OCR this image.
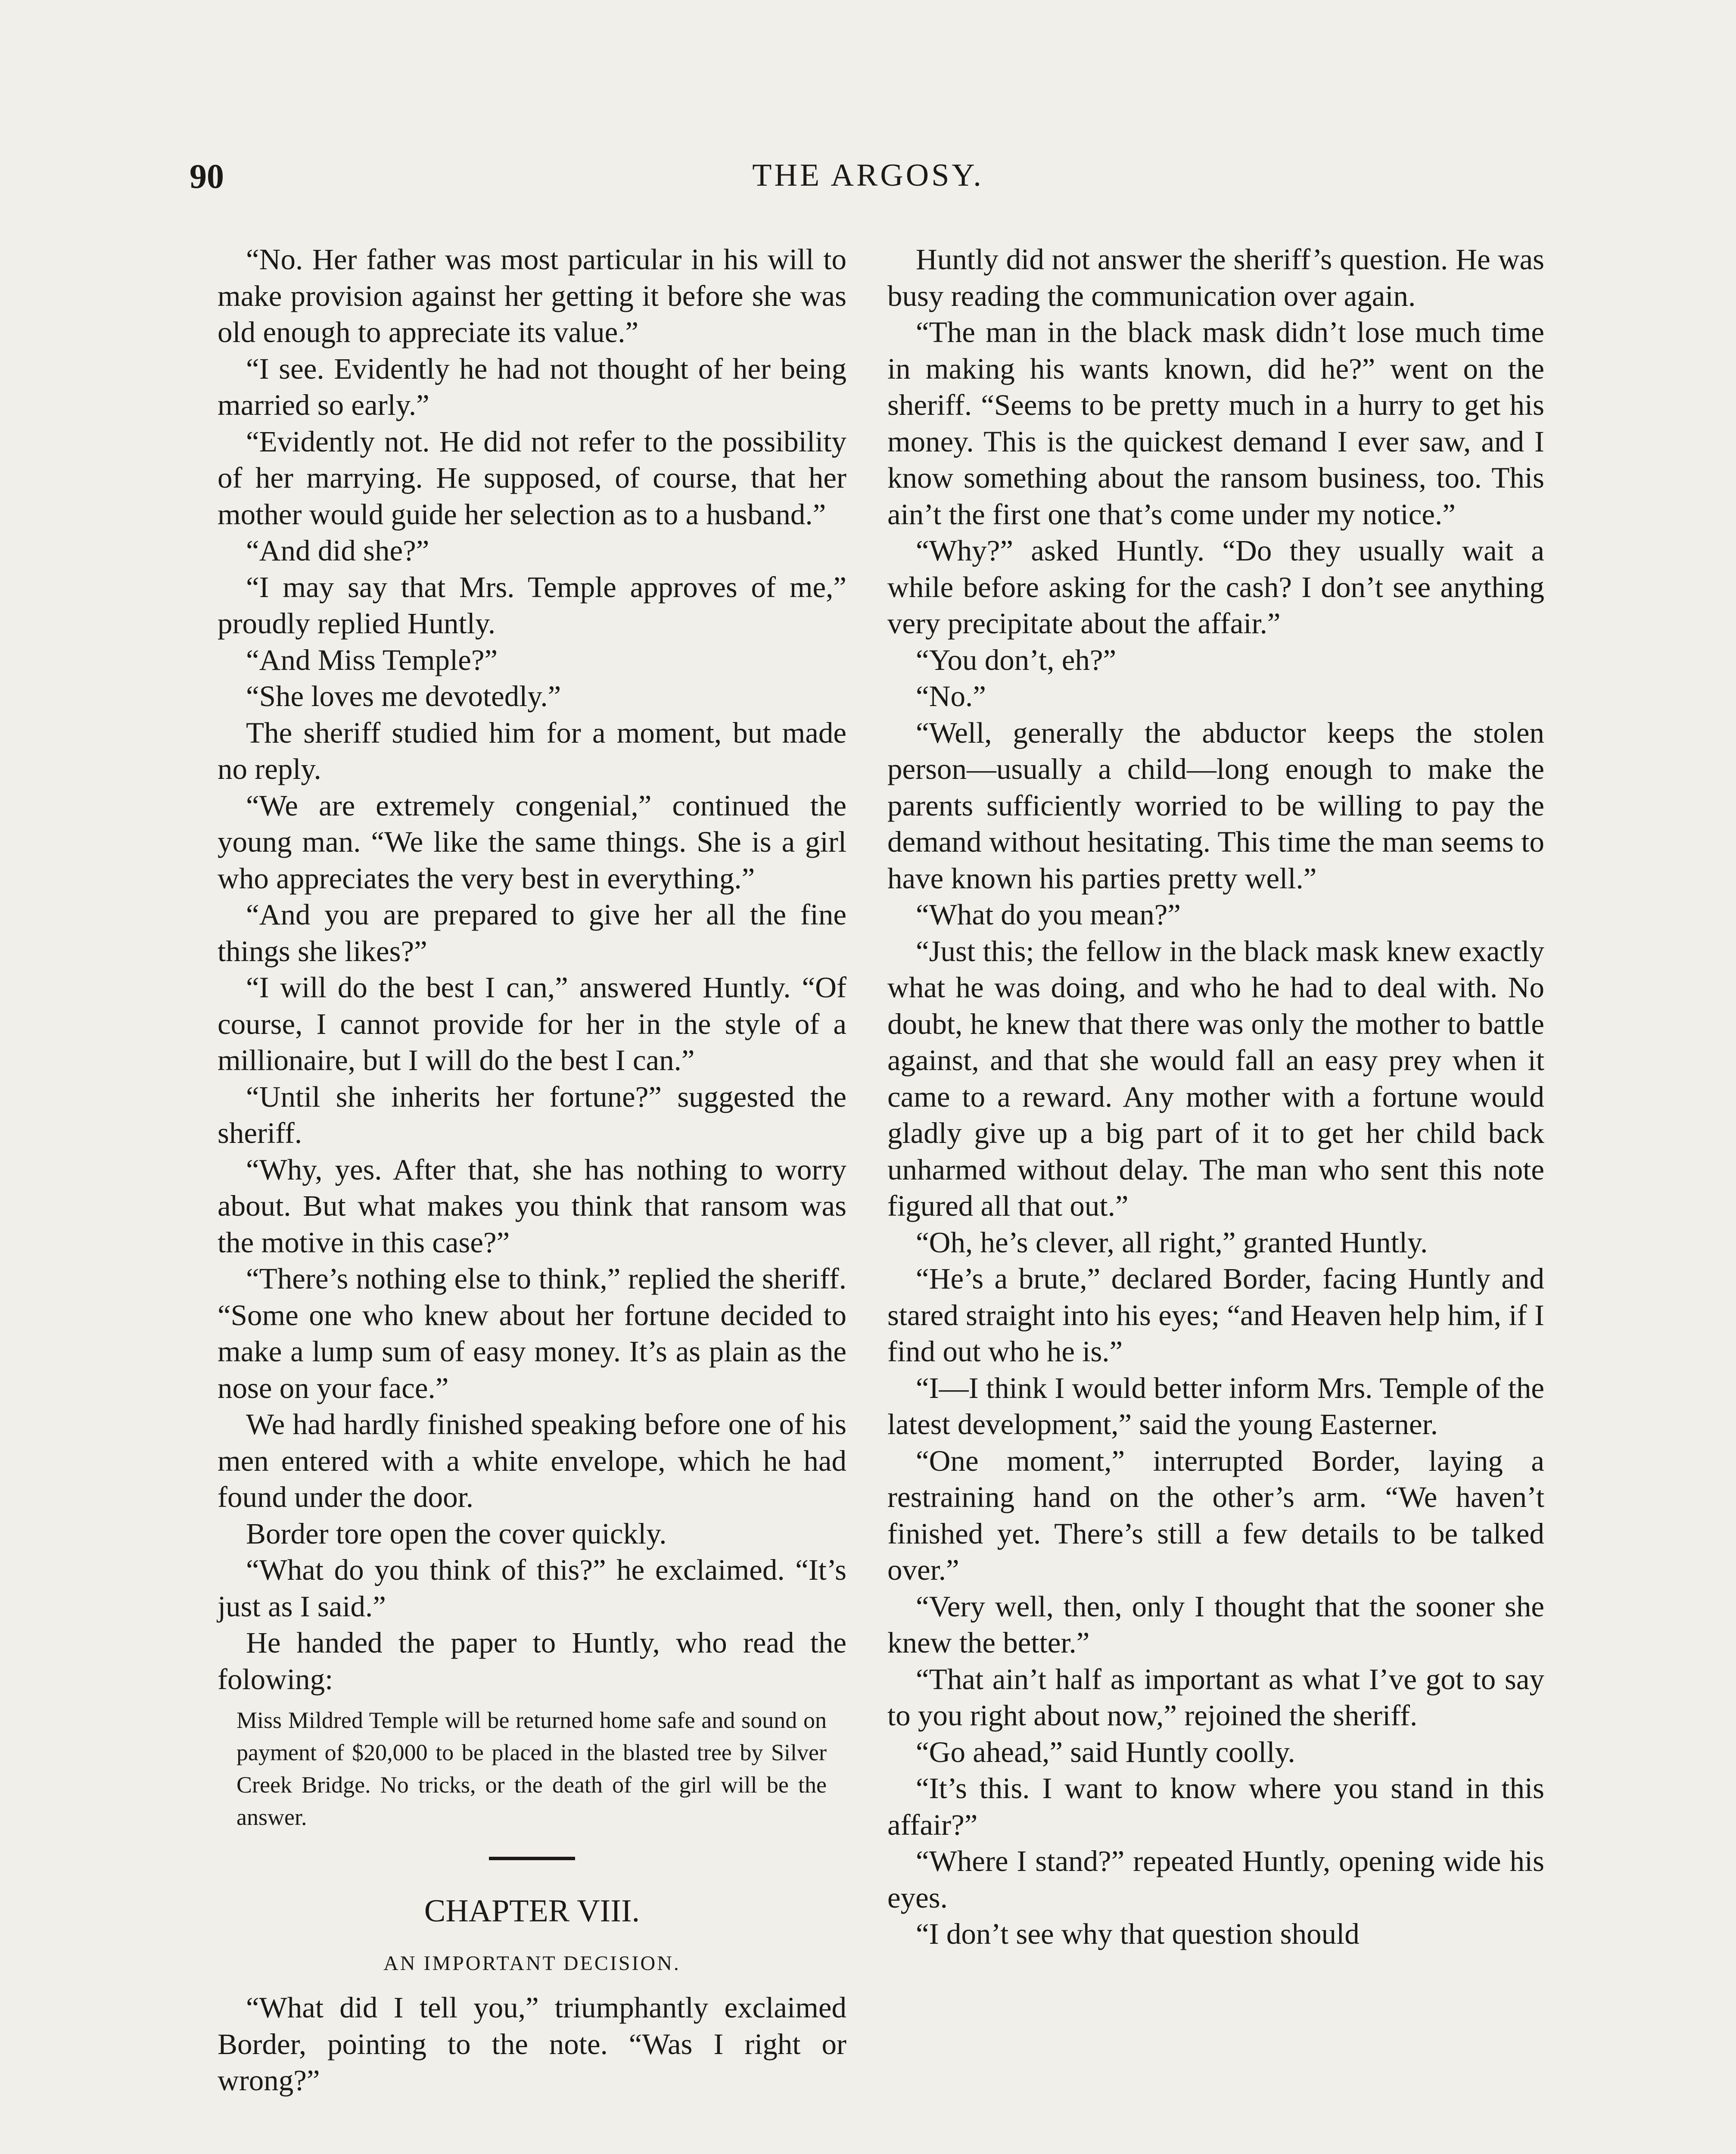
90	THE ARGOSY.

“No. Her father was most particular in his will to make provision against her getting it before she was old enough to appreciate its value.”

“I see. Evidently he had not thought of her being married so early.”

“Evidently not. He did not refer to the possibility of her marrying. He supposed, of course, that her mother would guide her selection as to a husband.”

“And did she?”

“I may say that Mrs. Temple approves of me,” proudly replied Huntly.

“And Miss Temple?”

“She loves me devotedly.”

The sheriff studied him for a moment, but made no reply.

“We are extremely congenial,” continued the young man. “We like the same things. She is a girl who appreciates the very best in everything.”

“And you are prepared to give her all the fine things she likes?”

“I will do the best I can,” answered Huntly. “Of course, I cannot provide for her in the style of a millionaire, but I will do the best I can.”

“Until she inherits her fortune?” suggested the sheriff.

“Why, yes. After that, she has nothing to worry about. But what makes you think that ransom was the motive in this case?”

“There’s nothing else to think,” replied the sheriff. “Some one who knew about her fortune decided to make a lump sum of easy money. It’s as plain as the nose on your face.”

We had hardly finished speaking before one of his men entered with a white envelope, which he had found under the door.

Border tore open the cover quickly.

“What do you think of this?” he exclaimed. “It’s just as I said.”

He handed the paper to Huntly, who read the folowing:

Miss Mildred Temple will be returned home safe and sound on payment of $20,000 to be placed in the blasted tree by Silver Creek Bridge. No tricks, or the death of the girl will be the answer.
CHAPTER VIII.
AN IMPORTANT DECISION.

“What did I tell you,” triumphantly exclaimed Border, pointing to the note. “Was I right or wrong?”

Huntly did not answer the sheriff’s question. He was busy reading the communication over again.

“The man in the black mask didn’t lose much time in making his wants known, did he?” went on the sheriff. “Seems to be pretty much in a hurry to get his money. This is the quickest demand I ever saw, and I know something about the ransom business, too. This ain’t the first one that’s come under my notice.”

“Why?” asked Huntly. “Do they usually wait a while before asking for the cash? I don’t see anything very precipitate about the affair.”

“You don’t, eh?”

“No.”

“Well, generally the abductor keeps the stolen person—usually a child—long enough to make the parents sufficiently worried to be willing to pay the demand without hesitating. This time the man seems to have known his parties pretty well.”

“What do you mean?”

“Just this; the fellow in the black mask knew exactly what he was doing, and who he had to deal with. No doubt, he knew that there was only the mother to battle against, and that she would fall an easy prey when it came to a reward. Any mother with a fortune would gladly give up a big part of it to get her child back unharmed without delay. The man who sent this note figured all that out.”

“Oh, he’s clever, all right,” granted Huntly.

“He’s a brute,” declared Border, facing Huntly and stared straight into his eyes; “and Heaven help him, if I find out who he is.”

“I—I think I would better inform Mrs. Temple of the latest development,” said the young Easterner.

“One moment,” interrupted Border, laying a restraining hand on the other’s arm. “We haven’t finished yet. There’s still a few details to be talked over.”

“Very well, then, only I thought that the sooner she knew the better.”

“That ain’t half as important as what I’ve got to say to you right about now,” rejoined the sheriff.

“Go ahead,” said Huntly coolly.

“It’s this. I want to know where you stand in this affair?”

“Where I stand?” repeated Huntly, opening wide his eyes.

“I don’t see why that question should
